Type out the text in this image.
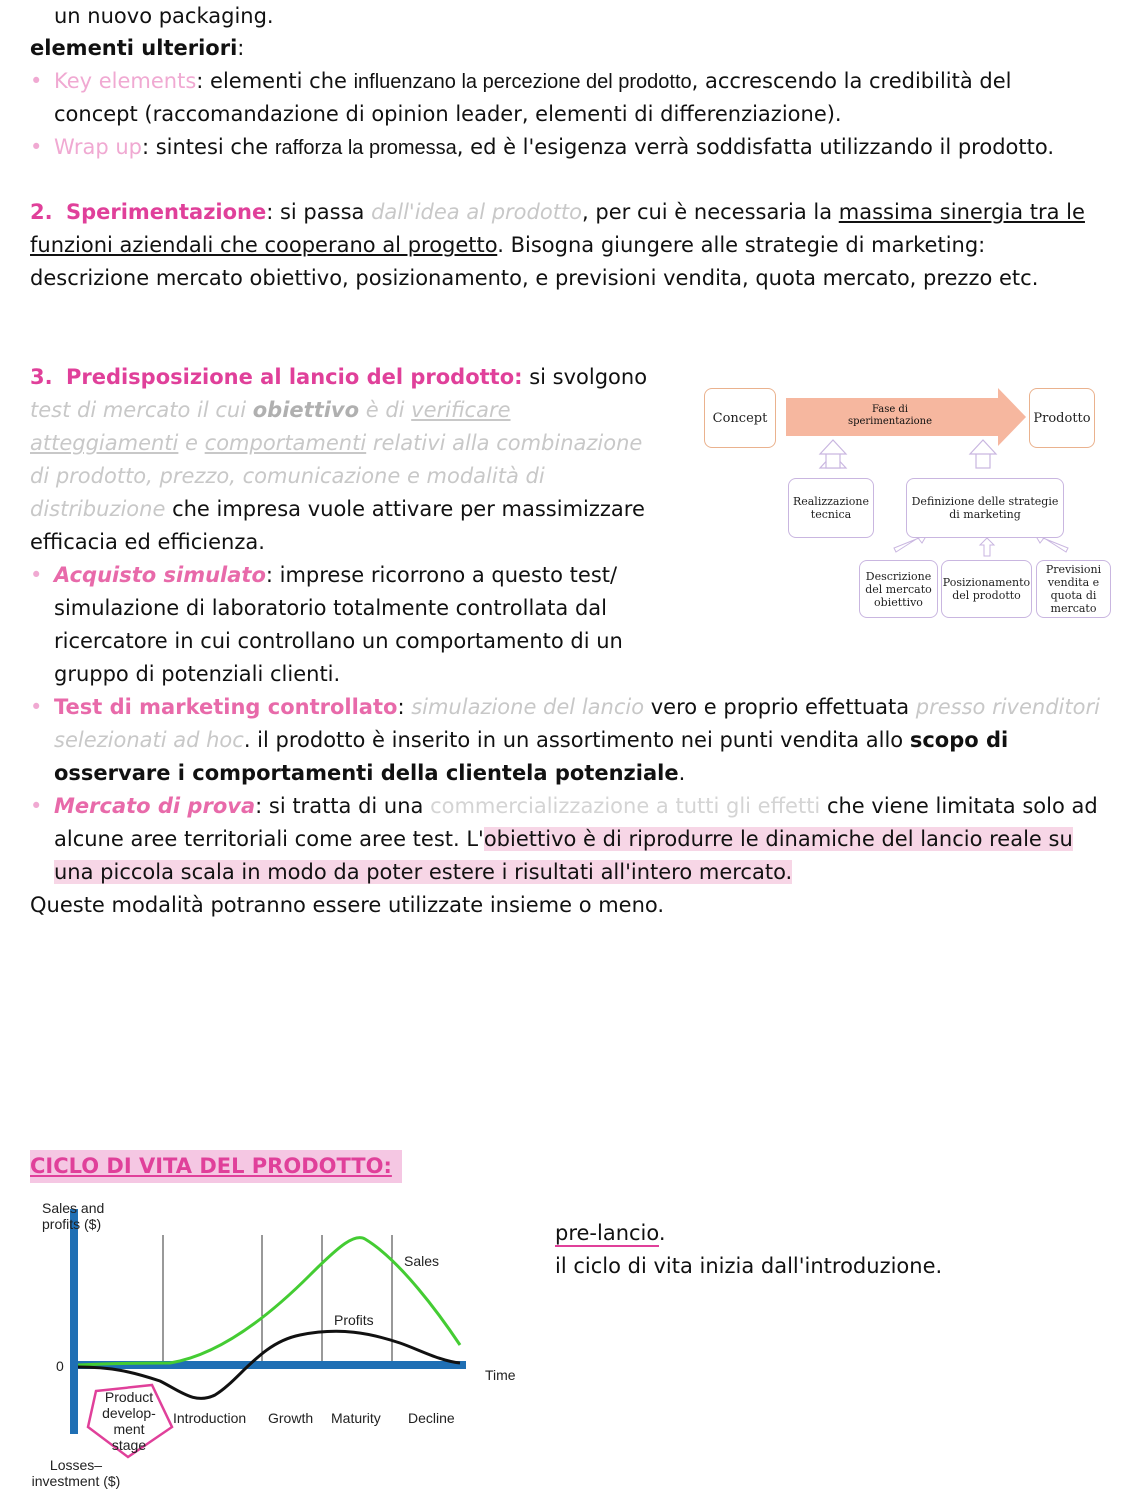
un nuovo packaging.
elementi ulteriori:
• Key elements: elementi che influenzano la percezione del prodotto, accrescendo la credibilità del
concept (raccomandazione di opinion leader, elementi di differenziazione).
• Wrap up: sintesi che rafforza la promessa, ed è l'esigenza verrà soddisfatta utilizzando il prodotto.
2. Sperimentazione: si passa dall'idea al prodotto, per cui è necessaria la massima sinergia tra le
funzioni aziendali che cooperano al progetto. Bisogna giungere alle strategie di marketing:
descrizione mercato obiettivo, posizionamento, e previsioni vendita, quota mercato, prezzo etc.
3. Predisposizione al lancio del prodotto: si svolgono
test di mercato il cui obiettivo è di verificare
atteggiamenti e comportamenti relativi alla combinazione
di prodotto, prezzo, comunicazione e modalità di
distribuzione che impresa vuole attivare per massimizzare
efficacia ed efficienza.
• Acquisto simulato: imprese ricorrono a questo test/
simulazione di laboratorio totalmente controllata dal
ricercatore in cui controllano un comportamento di un
gruppo di potenziali clienti.
• Test di marketing controllato: simulazione del lancio vero e proprio effettuata presso rivenditori
selezionati ad hoc. il prodotto è inserito in un assortimento nei punti vendita allo scopo di
osservare i comportamenti della clientela potenziale.
• Mercato di prova: si tratta di una commercializzazione a tutti gli effetti che viene limitata solo ad
alcune aree territoriali come aree test. L'obiettivo è di riprodurre le dinamiche del lancio reale su
una piccola scala in modo da poter estere i risultati all'intero mercato.
Queste modalità potranno essere utilizzate insieme o meno.
Concept
Fase di sperimentazione	Prodotto
Realizzazione tecnica
Definizione delle strategie di marketing
Descrizione del mercato obiettivo
Posizionamento del prodotto
Previsioni vendita e quota di mercato
CICLO DI VITA DEL PRODOTTO:
pre-lancio.
il ciclo di vita inizia dall'introduzione.
Sales and profits ($)
0
Time
Sales
Profits
Product develop- ment stage
Introduction Growth Maturity Decline
Losses– investment ($)
